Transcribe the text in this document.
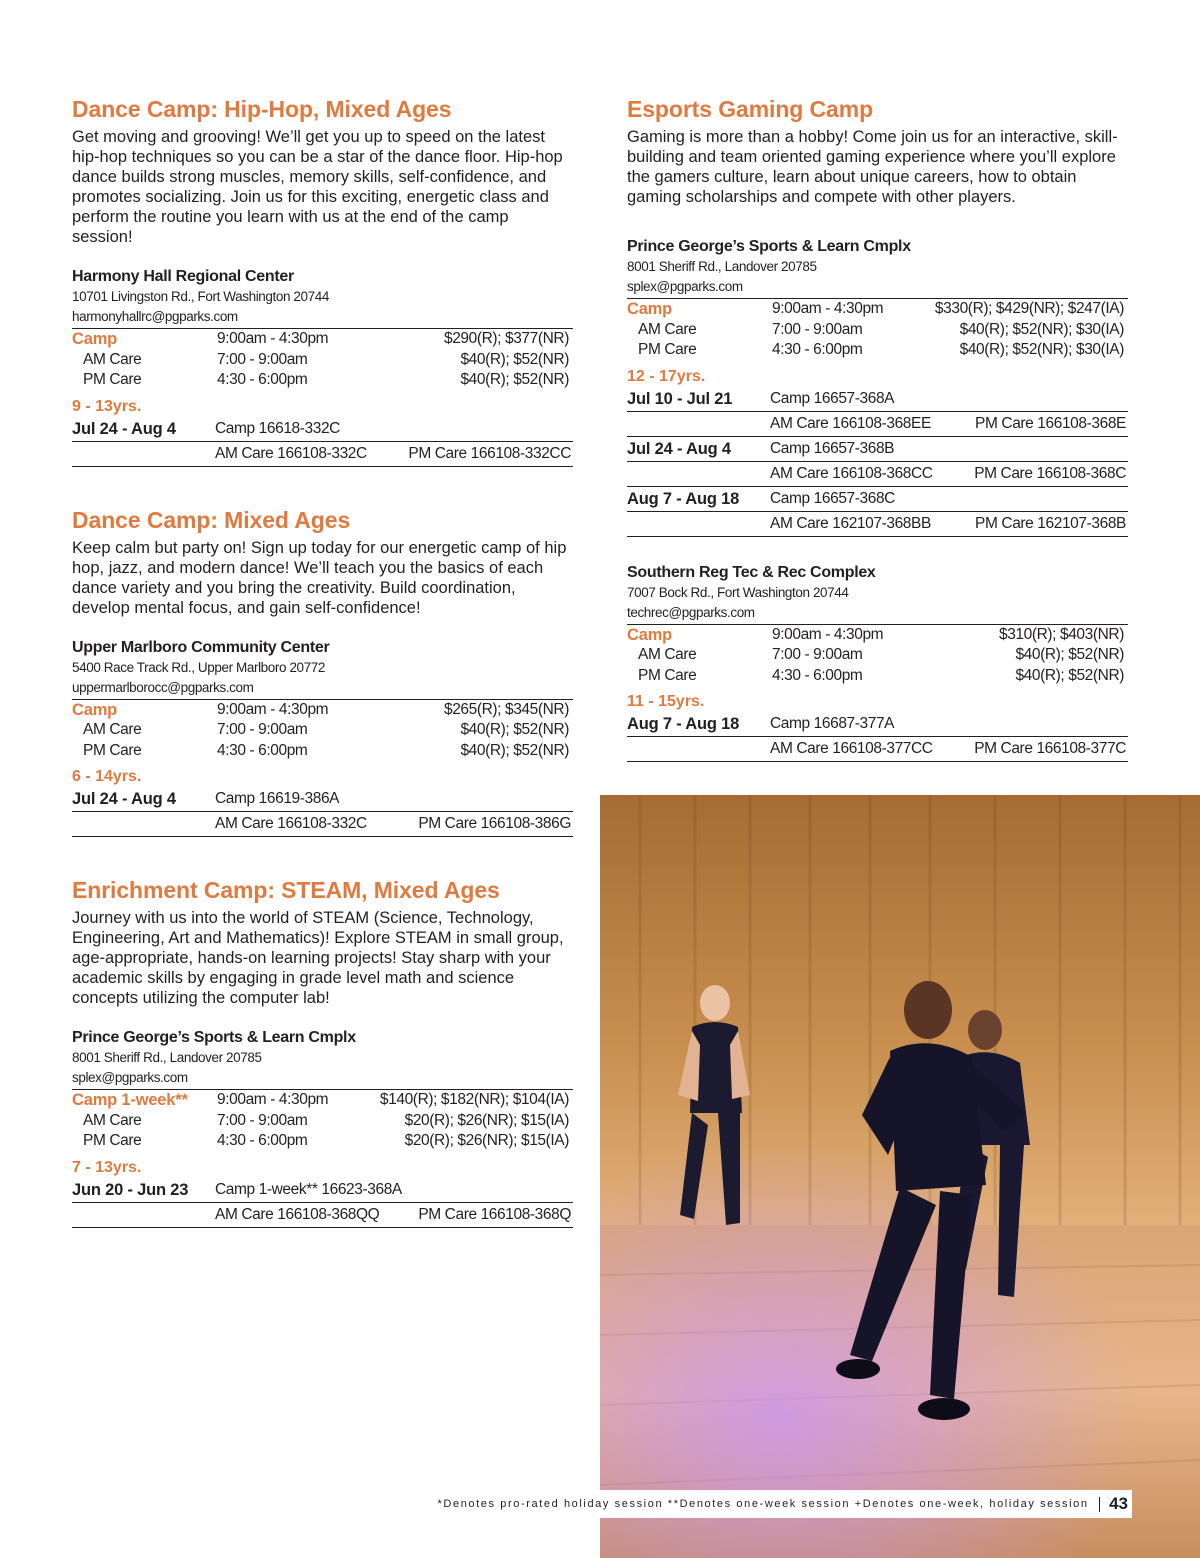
Dance Camp: Hip-Hop, Mixed Ages
Get moving and grooving! We’ll get you up to speed on the latest hip-hop techniques so you can be a star of the dance floor. Hip-hop dance builds strong muscles, memory skills, self-confidence, and promotes socializing. Join us for this exciting, energetic class and perform the routine you learn with us at the end of the camp session!
Harmony Hall Regional Center
10701 Livingston Rd., Fort Washington 20744
harmonyhallrc@pgparks.com
Camp	9:00am - 4:30pm	$290(R); $377(NR)
AM Care	7:00 - 9:00am	$40(R); $52(NR)
PM Care	4:30 - 6:00pm	$40(R); $52(NR)
9 - 13yrs.
Jul 24 - Aug 4	Camp 16618-332C
AM Care 166108-332C	PM Care 166108-332CC
Dance Camp: Mixed Ages
Keep calm but party on! Sign up today for our energetic camp of hip hop, jazz, and modern dance! We’ll teach you the basics of each dance variety and you bring the creativity. Build coordination, develop mental focus, and gain self-confidence!
Upper Marlboro Community Center
5400 Race Track Rd., Upper Marlboro 20772
uppermarlborocc@pgparks.com
Camp	9:00am - 4:30pm	$265(R); $345(NR)
AM Care	7:00 - 9:00am	$40(R); $52(NR)
PM Care	4:30 - 6:00pm	$40(R); $52(NR)
6 - 14yrs.
Jul 24 - Aug 4	Camp 16619-386A
AM Care 166108-332C	PM Care 166108-386G
Enrichment Camp: STEAM, Mixed Ages
Journey with us into the world of STEAM (Science, Technology, Engineering, Art and Mathematics)! Explore STEAM in small group, age-appropriate, hands-on learning projects! Stay sharp with your academic skills by engaging in grade level math and science concepts utilizing the computer lab!
Prince George’s Sports & Learn Cmplx
8001 Sheriff Rd., Landover 20785
splex@pgparks.com
Camp 1-week**	9:00am - 4:30pm	$140(R); $182(NR); $104(IA)
AM Care	7:00 - 9:00am	$20(R); $26(NR); $15(IA)
PM Care	4:30 - 6:00pm	$20(R); $26(NR); $15(IA)
7 - 13yrs.
Jun 20 - Jun 23	Camp 1-week** 16623-368A
AM Care 166108-368QQ	PM Care 166108-368Q
Esports Gaming Camp
Gaming is more than a hobby! Come join us for an interactive, skill-building and team oriented gaming experience where you’ll explore the gamers culture, learn about unique careers, how to obtain gaming scholarships and compete with other players.
Prince George’s Sports & Learn Cmplx
8001 Sheriff Rd., Landover 20785
splex@pgparks.com
Camp	9:00am - 4:30pm	$330(R); $429(NR); $247(IA)
AM Care	7:00 - 9:00am	$40(R); $52(NR); $30(IA)
PM Care	4:30 - 6:00pm	$40(R); $52(NR); $30(IA)
12 - 17yrs.
Jul 10 - Jul 21	Camp 16657-368A
AM Care 166108-368EE	PM Care 166108-368E
Jul 24 - Aug 4	Camp 16657-368B
AM Care 166108-368CC	PM Care 166108-368C
Aug 7 - Aug 18	Camp 16657-368C
AM Care 162107-368BB	PM Care 162107-368B
Southern Reg Tec & Rec Complex
7007 Bock Rd., Fort Washington 20744
techrec@pgparks.com
Camp	9:00am - 4:30pm	$310(R); $403(NR)
AM Care	7:00 - 9:00am	$40(R); $52(NR)
PM Care	4:30 - 6:00pm	$40(R); $52(NR)
11 - 15yrs.
Aug 7 - Aug 18	Camp 16687-377A
AM Care 166108-377CC	PM Care 166108-377C
*Denotes pro-rated holiday session **Denotes one-week session +Denotes one-week, holiday session 43
